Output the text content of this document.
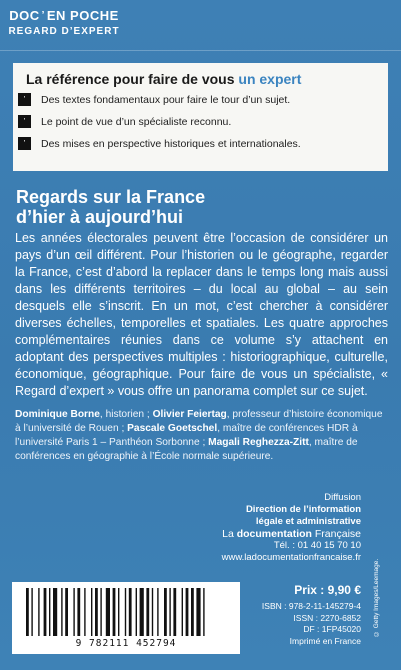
DOC ’ EN POCHE
REGARD D’EXPERT
La référence pour faire de vous un expert
’	Des textes fondamentaux pour faire le tour d’un sujet.
’	Le point de vue d’un spécialiste reconnu.
’	Des mises en perspective historiques et internationales.
Regards sur la France
d’hier à aujourd’hui

Les années électorales peuvent être l’occasion de considérer un pays d’un œil différent. Pour l’historien ou le géographe, regarder la France, c’est d’abord la replacer dans le temps long mais aussi dans les différents territoires – du local au global – au sein desquels elle s’inscrit. En un mot, c’est chercher à considérer diverses échelles, temporelles et spatiales. Les quatre approches complémentaires réunies dans ce volume s’y attachent en adoptant des perspectives multiples : historiographique, culturelle, économique, géographique. Pour faire de vous un spécialiste, « Regard d’expert » vous offre un panorama complet sur ce sujet.

Dominique Borne, historien ; Olivier Feiertag, professeur d’histoire économique à l’université de Rouen ; Pascale Goetschel, maître de conférences HDR à l’université Paris 1 – Panthéon Sorbonne ; Magali Reghezza-Zitt, maître de conférences en géographie à l’École normale supérieure.
Diffusion
Direction de l’information
légale et administrative
La documentation Française
Tél. : 01 40 15 70 10
www.ladocumentationfrancaise.fr
Prix : 9,90 €
ISBN : 978-2-11-145279-4
ISSN : 2270-6852
DF : 1FP45020
Imprimé en France
9 782111 452794
© Getty Images/Leemage.
